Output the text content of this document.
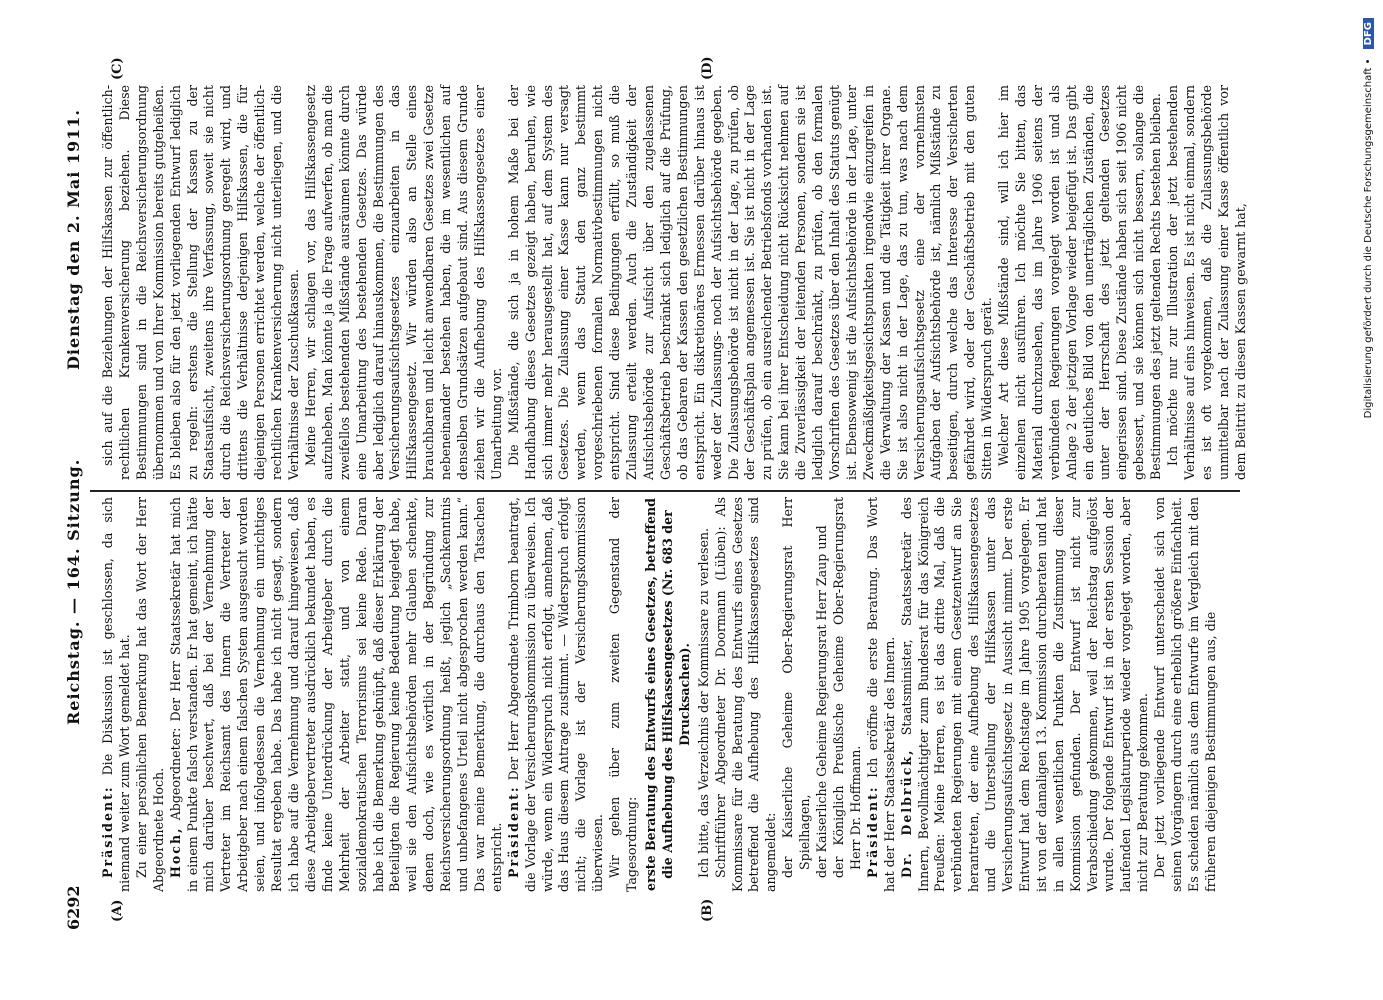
6292
Reichstag. — 164. Sitzung.
Dienstag den 2. Mai 1911.
(A)	(B)
(C)	(D)

Präsident: Die Diskussion ist geschlossen, da sich niemand weiter zum Wort gemeldet hat. Zu einer persönlichen Bemerkung hat das Wort der Herr Abgeordnete Hoch. Hoch, Abgeordneter: Der Herr Staatssekretär hat mich in einem Punkte falsch verstanden. Er hat gemeint, ich hätte mich darüber beschwert, daß bei der Vernehmung der Vertreter im Reichsamt des Innern die Vertreter der Arbeitgeber nach einem falschen System ausgesucht worden seien, und infolgedessen die Vernehmung ein unrichtiges Resultat ergeben habe. Das habe ich nicht gesagt, sondern ich habe auf die Vernehmung und darauf hingewiesen, daß diese Arbeitgebervertreter ausdrücklich bekundet haben, es finde keine Unterdrückung der Arbeitgeber durch die Mehrheit der Arbeiter statt, und von einem sozialdemokratischen Terrorismus sei keine Rede. Daran habe ich die Bemerkung geknüpft, daß dieser Erklärung der Beteiligten die Regierung keine Bedeutung beigelegt habe, weil sie den Aufsichtsbehörden mehr Glauben schenkte, denen doch, wie es wörtlich in der Begründung zur Reichsversicherungsordnung heißt, jeglich „Sachkenntnis und unbefangenes Urteil nicht abgesprochen werden kann.“ Das war meine Bemerkung, die durchaus den Tatsachen entspricht. Präsident: Der Herr Abgeordnete Trimborn beantragt, die Vorlage der Versicherungskommission zu überweisen. Ich würde, wenn ein Widerspruch nicht erfolgt, annehmen, daß das Haus diesem Antrage zustimmt. — Widerspruch erfolgt nicht; die Vorlage ist der Versicherungskommission überwiesen. Wir gehen über zum zweiten Gegenstand der Tagesordnung: erste Beratung des Entwurfs eines Gesetzes, betreffend die Aufhebung des Hilfskassengesetzes (Nr. 683 der Drucksachen). Ich bitte, das Verzeichnis der Kommissare zu verlesen. Schriftführer Abgeordneter Dr. Doormann (Lüben): Als Kommissare für die Beratung des Entwurfs eines Gesetzes betreffend die Aufhebung des Hilfskassengesetzes sind angemeldet: der Kaiserliche Geheime Ober-Regierungsrat Herr Spielhagen, der Kaiserliche Geheime Regierungsrat Herr Zaup und der Königlich Preußische Geheime Ober-Regierungsrat Herr Dr. Hoffmann. Präsident: Ich eröffne die erste Beratung. Das Wort hat der Herr Staatssekretär des Innern. Dr. Delbrück, Staatsminister, Staatssekretär des Innern, Bevollmächtigter zum Bundesrat für das Königreich Preußen: Meine Herren, es ist das dritte Mal, daß die verbündeten Regierungen mit einem Gesetzentwurf an Sie herantreten, der eine Aufhebung des Hilfskassengesetzes und die Unterstellung der Hilfskassen unter das Versicherungsaufsichtsgesetz in Aussicht nimmt. Der erste Entwurf hat dem Reichstage im Jahre 1905 vorgelegen. Er ist von der damaligen 13. Kommission durchberaten und hat in allen wesentlichen Punkten die Zustimmung dieser Kommission gefunden. Der Entwurf ist nicht zur Verabschiedung gekommen, weil der Reichstag aufgelöst wurde. Der folgende Entwurf ist in der ersten Session der laufenden Legislaturperiode wieder vorgelegt worden, aber nicht zur Beratung gekommen. Der jetzt vorliegende Entwurf unterscheidet sich von seinen Vorgängern durch eine erheblich größere Einfachheit. Es scheiden nämlich aus dem Entwurfe im Vergleich mit den früheren diejenigen Bestimmungen aus, die

sich auf die Beziehungen der Hilfskassen zur öffentlich-rechtlichen Krankenversicherung beziehen. Diese Bestimmungen sind in die Reichsversicherungsordnung übernommen und von Ihrer Kommission bereits gutgeheißen. Es bleiben also für den jetzt vorliegenden Entwurf lediglich zu regeln: erstens die Stellung der Kassen zu der Staatsaufsicht, zweitens ihre Verfassung, soweit sie nicht durch die Reichsversicherungsordnung geregelt wird, und drittens die Verhältnisse derjenigen Hilfskassen, die für diejenigen Personen errichtet werden, welche der öffentlich-rechtlichen Krankenversicherung nicht unterliegen, und die Verhältnisse der Zuschußkassen. Meine Herren, wir schlagen vor, das Hilfskassengesetz aufzuheben. Man könnte ja die Frage aufwerfen, ob man die zweifellos bestehenden Mißstände ausräumen könnte durch eine Umarbeitung des bestehenden Gesetzes. Das würde aber lediglich darauf hinauskommen, die Bestimmungen des Versicherungsaufsichtsgesetzes einzuarbeiten in das Hilfskassengesetz. Wir würden also an Stelle eines brauchbaren und leicht anwendbaren Gesetzes zwei Gesetze nebeneinander bestehen haben, die im wesentlichen auf denselben Grundsätzen aufgebaut sind. Aus diesem Grunde ziehen wir die Aufhebung des Hilfskassengesetzes einer Umarbeitung vor. Die Mißstände, die sich ja in hohem Maße bei der Handhabung dieses Gesetzes gezeigt haben, beruhen, wie sich immer mehr herausgestellt hat, auf dem System des Gesetzes. Die Zulassung einer Kasse kann nur versagt werden, wenn das Statut den ganz bestimmt vorgeschriebenen formalen Normativbestimmungen nicht entspricht. Sind diese Bedingungen erfüllt, so muß die Zulassung erteilt werden. Auch die Zuständigkeit der Aufsichtsbehörde zur Aufsicht über den zugelassenen Geschäftsbetrieb beschränkt sich lediglich auf die Prüfung, ob das Gebaren der Kassen den gesetzlichen Bestimmungen entspricht. Ein diskretionäres Ermessen darüber hinaus ist weder der Zulassungs- noch der Aufsichtsbehörde gegeben. Die Zulassungsbehörde ist nicht in der Lage, zu prüfen, ob der Geschäftsplan angemessen ist. Sie ist nicht in der Lage zu prüfen, ob ein ausreichender Betriebsfonds vorhanden ist. Sie kann bei ihrer Entscheidung nicht Rücksicht nehmen auf die Zuverlässigkeit der leitenden Personen, sondern sie ist lediglich darauf beschränkt, zu prüfen, ob den formalen Vorschriften des Gesetzes über den Inhalt des Statuts genügt ist. Ebensowenig ist die Aufsichtsbehörde in der Lage, unter Zweckmäßigkeitsgesichtspunkten irgendwie einzugreifen in die Verwaltung der Kassen und die Tätigkeit ihrer Organe. Sie ist also nicht in der Lage, das zu tun, was nach dem Versicherungsaufsichtsgesetz eine der vornehmsten Aufgaben der Aufsichtsbehörde ist, nämlich Mißstände zu beseitigen, durch welche das Interesse der Versicherten gefährdet wird, oder der Geschäftsbetrieb mit den guten Sitten in Widerspruch gerät. Welcher Art diese Mißstände sind, will ich hier im einzelnen nicht ausführen. Ich möchte Sie bitten, das Material durchzusehen, das im Jahre 1906 seitens der verbündeten Regierungen vorgelegt worden ist und als Anlage 2 der jetzigen Vorlage wieder beigefügt ist. Das gibt ein deutliches Bild von den unerträglichen Zuständen, die unter der Herrschaft des jetzt geltenden Gesetzes eingerissen sind. Diese Zustände haben sich seit 1906 nicht gebessert, und sie können sich nicht bessern, solange die Bestimmungen des jetzt geltenden Rechts bestehen bleiben. Ich möchte nur zur Illustration der jetzt bestehenden Verhältnisse auf eins hinweisen. Es ist nicht einmal, sondern es ist oft vorgekommen, daß die Zulassungsbehörde unmittelbar nach der Zulassung einer Kasse öffentlich vor dem Beitritt zu diesen Kassen gewarnt hat,	Digitalisierung gefördert durch die Deutsche Forschungsgemeinschaft • DFG
